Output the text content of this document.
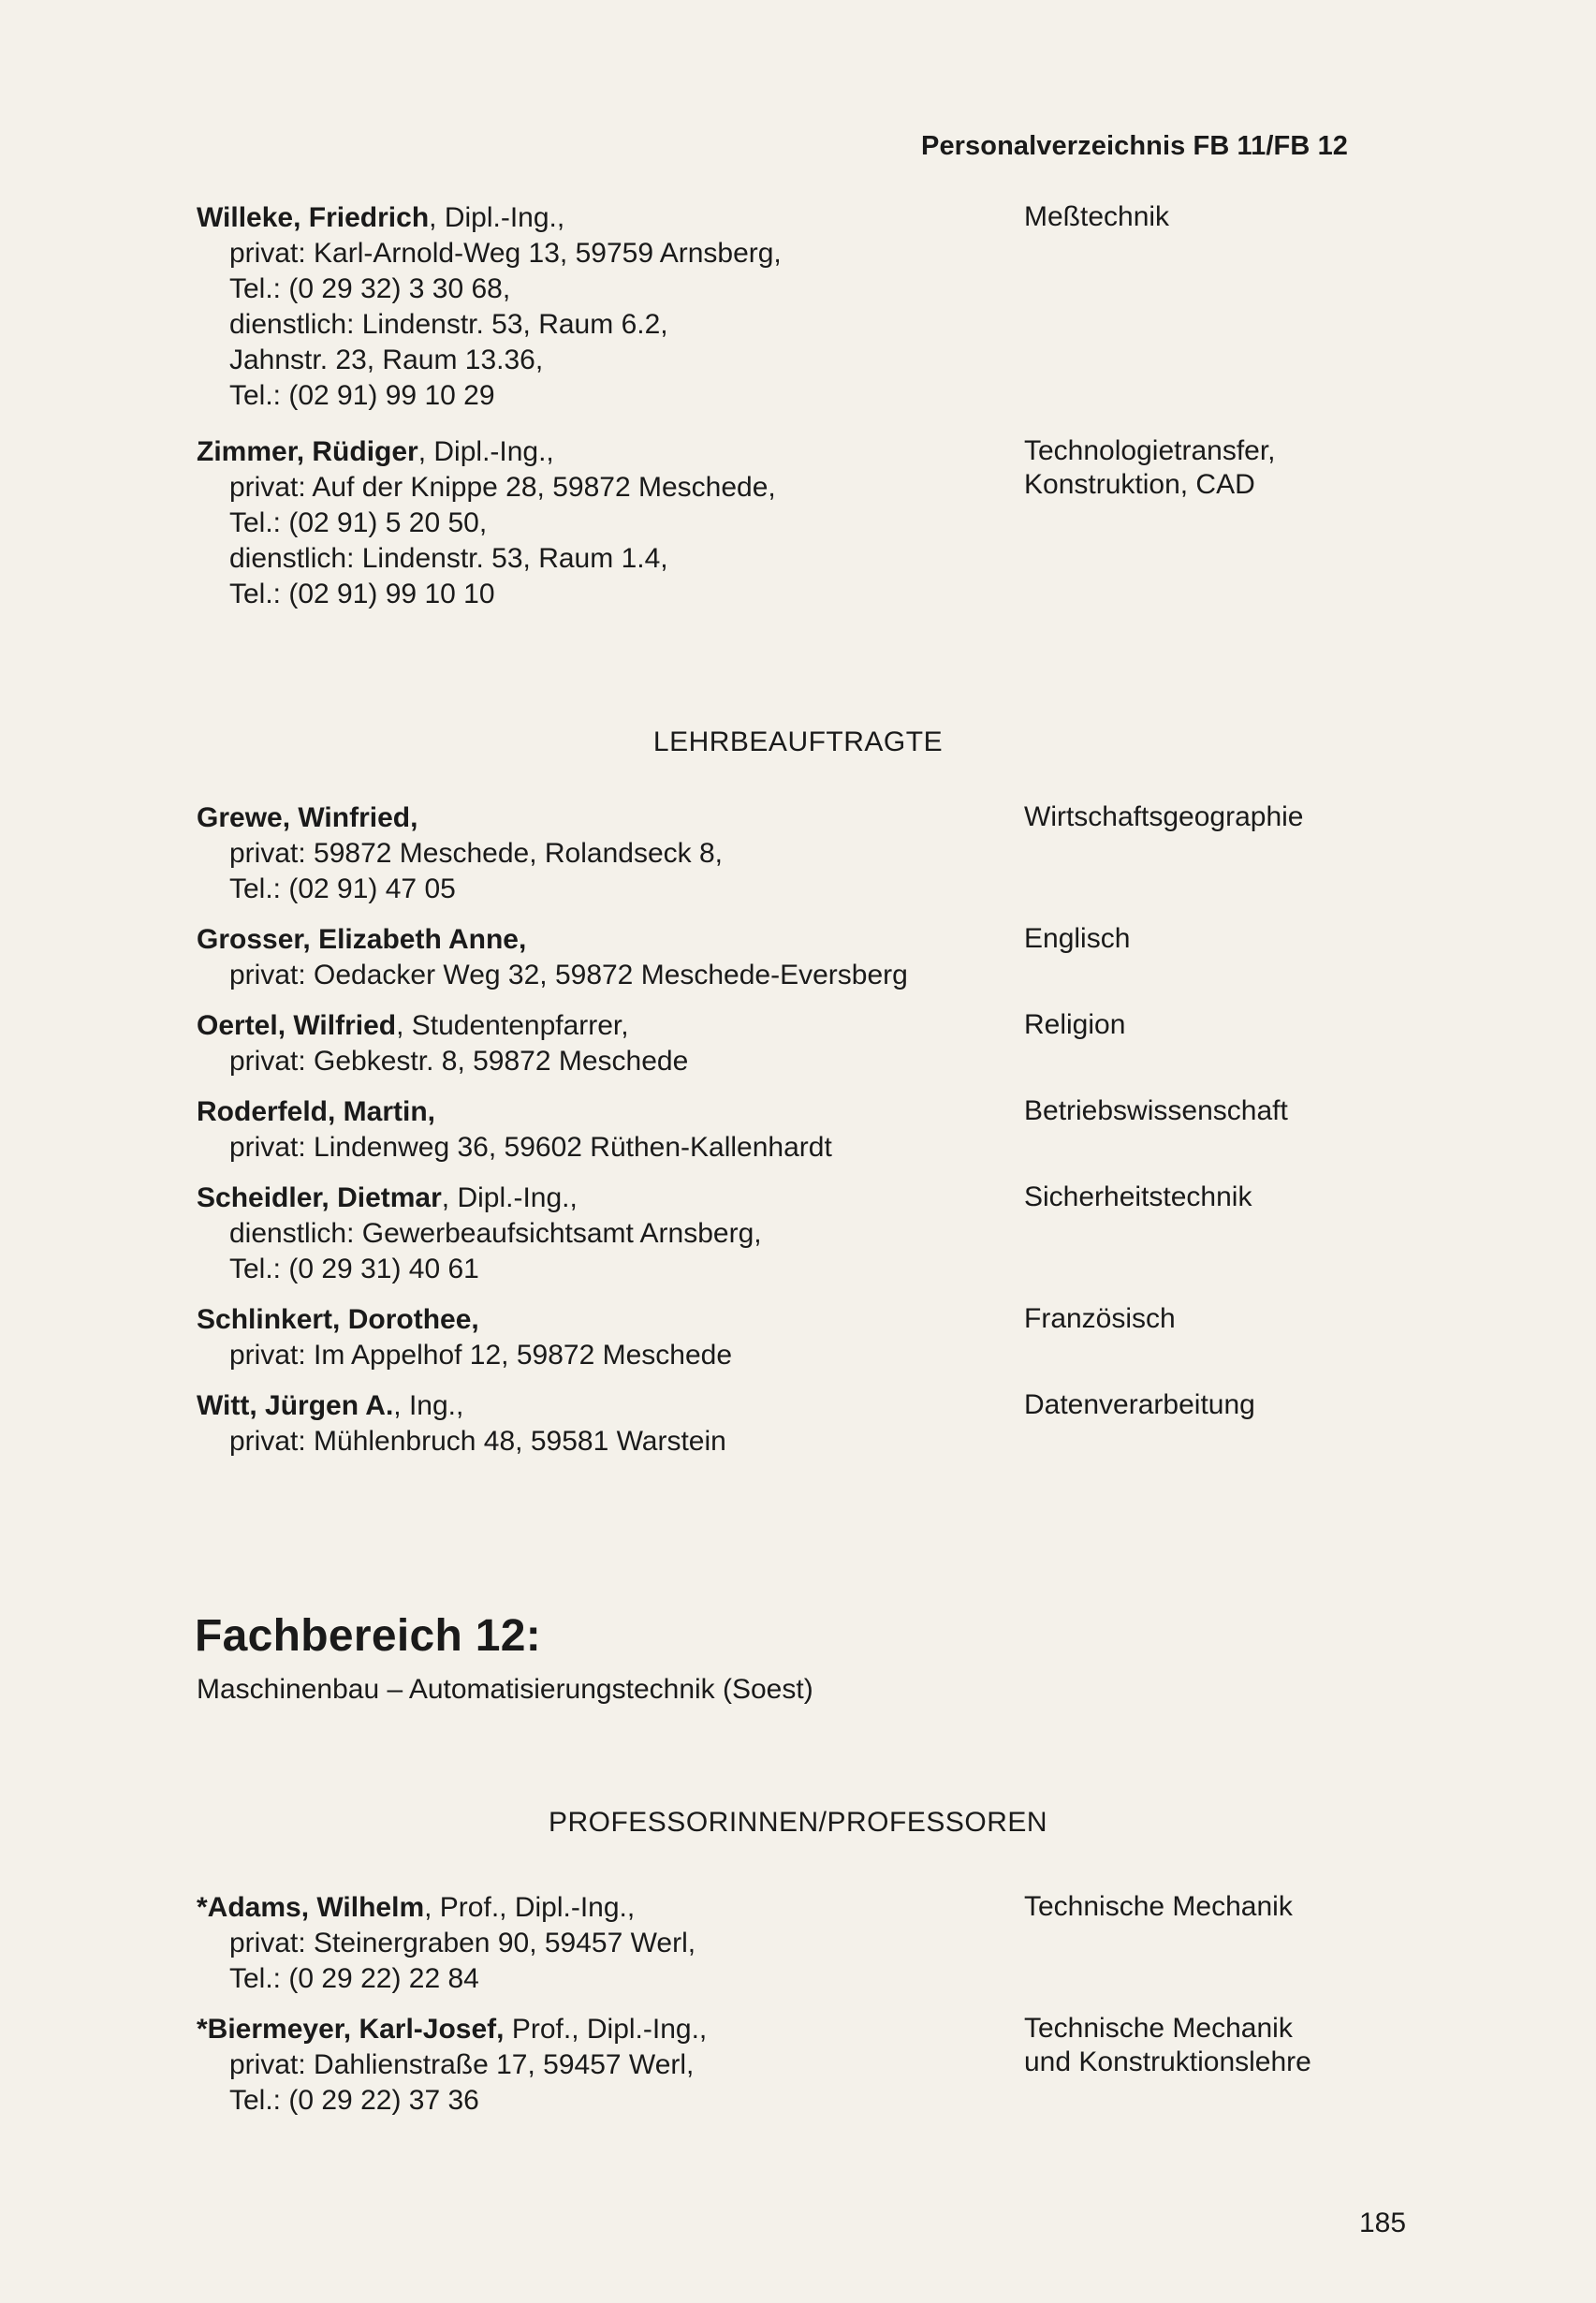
Personalverzeichnis FB 11/FB 12
Willeke, Friedrich, Dipl.-Ing.,
privat: Karl-Arnold-Weg 13, 59759 Arnsberg,
Tel.: (0 29 32) 3 30 68,
dienstlich: Lindenstr. 53, Raum 6.2,
Jahnstr. 23, Raum 13.36,
Tel.: (02 91) 99 10 29
Meßtechnik
Zimmer, Rüdiger, Dipl.-Ing.,
privat: Auf der Knippe 28, 59872 Meschede,
Tel.: (02 91) 5 20 50,
dienstlich: Lindenstr. 53, Raum 1.4,
Tel.: (02 91) 99 10 10
Technologietransfer,
Konstruktion, CAD
LEHRBEAUFTRAGTE
Grewe, Winfried,
privat: 59872 Meschede, Rolandseck 8,
Tel.: (02 91) 47 05
Wirtschaftsgeographie
Grosser, Elizabeth Anne,
privat: Oedacker Weg 32, 59872 Meschede-Eversberg
Englisch
Oertel, Wilfried, Studentenpfarrer,
privat: Gebkestr. 8, 59872 Meschede
Religion
Roderfeld, Martin,
privat: Lindenweg 36, 59602 Rüthen-Kallenhardt
Betriebswissenschaft
Scheidler, Dietmar, Dipl.-Ing.,
dienstlich: Gewerbeaufsichtsamt Arnsberg,
Tel.: (0 29 31) 40 61
Sicherheitstechnik
Schlinkert, Dorothee,
privat: Im Appelhof 12, 59872 Meschede
Französisch
Witt, Jürgen A., Ing.,
privat: Mühlenbruch 48, 59581 Warstein
Datenverarbeitung
Fachbereich 12:
Maschinenbau – Automatisierungstechnik (Soest)
PROFESSORINNEN/PROFESSOREN
*Adams, Wilhelm, Prof., Dipl.-Ing.,
privat: Steinergraben 90, 59457 Werl,
Tel.: (0 29 22) 22 84
Technische Mechanik
*Biermeyer, Karl-Josef, Prof., Dipl.-Ing.,
privat: Dahlienstraße 17, 59457 Werl,
Tel.: (0 29 22) 37 36
Technische Mechanik
und Konstruktionslehre
185
